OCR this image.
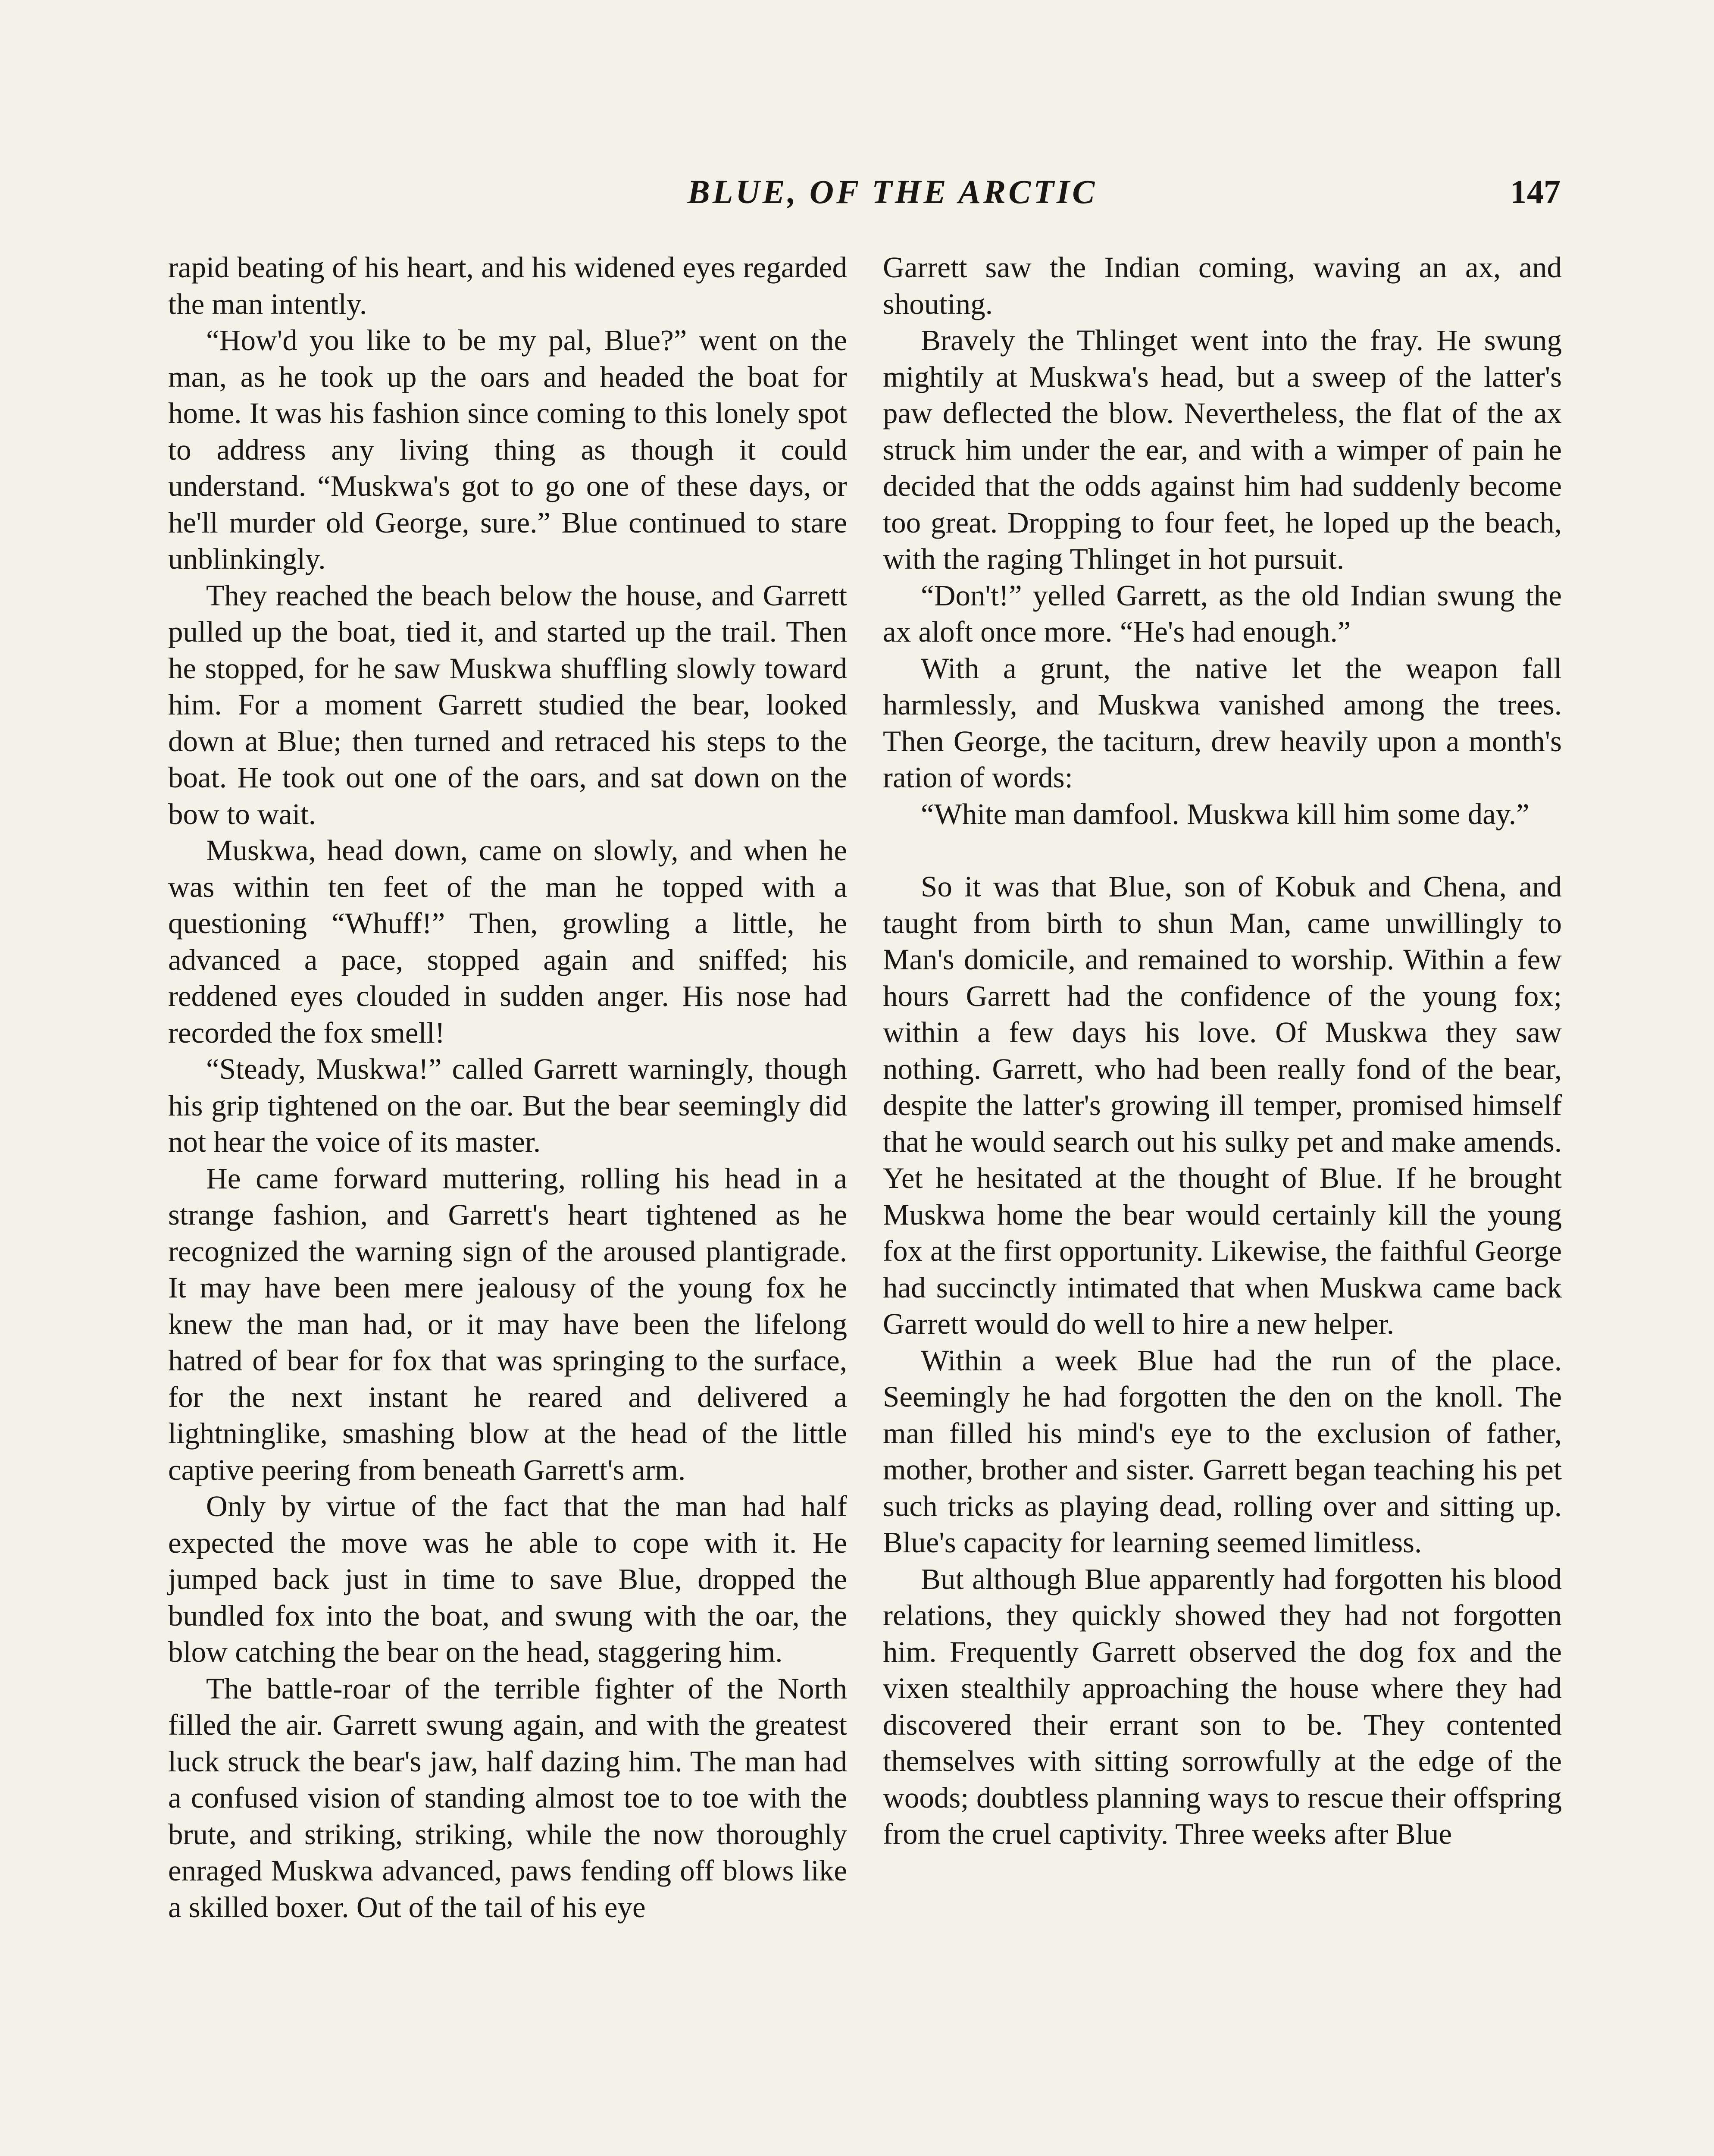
BLUE, OF THE ARCTIC	147

rapid beating of his heart, and his widened eyes regarded the man intently.

“How'd you like to be my pal, Blue?” went on the man, as he took up the oars and headed the boat for home. It was his fashion since coming to this lonely spot to address any living thing as though it could understand. “Muskwa's got to go one of these days, or he'll murder old George, sure.” Blue continued to stare unblinkingly.

They reached the beach below the house, and Garrett pulled up the boat, tied it, and started up the trail. Then he stopped, for he saw Muskwa shuffling slowly toward him. For a moment Garrett studied the bear, looked down at Blue; then turned and retraced his steps to the boat. He took out one of the oars, and sat down on the bow to wait.

Muskwa, head down, came on slowly, and when he was within ten feet of the man he topped with a questioning “Whuff!” Then, growling a little, he advanced a pace, stopped again and sniffed; his reddened eyes clouded in sudden anger. His nose had recorded the fox smell!

“Steady, Muskwa!” called Garrett warningly, though his grip tightened on the oar. But the bear seemingly did not hear the voice of its master.

He came forward muttering, rolling his head in a strange fashion, and Garrett's heart tightened as he recognized the warning sign of the aroused plantigrade. It may have been mere jealousy of the young fox he knew the man had, or it may have been the lifelong hatred of bear for fox that was springing to the surface, for the next instant he reared and delivered a lightninglike, smashing blow at the head of the little captive peering from beneath Garrett's arm.

Only by virtue of the fact that the man had half expected the move was he able to cope with it. He jumped back just in time to save Blue, dropped the bundled fox into the boat, and swung with the oar, the blow catching the bear on the head, staggering him.

The battle-roar of the terrible fighter of the North filled the air. Garrett swung again, and with the greatest luck struck the bear's jaw, half dazing him. The man had a confused vision of standing almost toe to toe with the brute, and striking, striking, while the now thoroughly enraged Muskwa advanced, paws fending off blows like a skilled boxer. Out of the tail of his eye

Garrett saw the Indian coming, waving an ax, and shouting.

Bravely the Thlinget went into the fray. He swung mightily at Muskwa's head, but a sweep of the latter's paw deflected the blow. Nevertheless, the flat of the ax struck him under the ear, and with a wimper of pain he decided that the odds against him had suddenly become too great. Dropping to four feet, he loped up the beach, with the raging Thlinget in hot pursuit.

“Don't!” yelled Garrett, as the old Indian swung the ax aloft once more. “He's had enough.”

With a grunt, the native let the weapon fall harmlessly, and Muskwa vanished among the trees. Then George, the taciturn, drew heavily upon a month's ration of words:

“White man damfool. Muskwa kill him some day.”

So it was that Blue, son of Kobuk and Chena, and taught from birth to shun Man, came unwillingly to Man's domicile, and remained to worship. Within a few hours Garrett had the confidence of the young fox; within a few days his love. Of Muskwa they saw nothing. Garrett, who had been really fond of the bear, despite the latter's growing ill temper, promised himself that he would search out his sulky pet and make amends. Yet he hesitated at the thought of Blue. If he brought Muskwa home the bear would certainly kill the young fox at the first opportunity. Likewise, the faithful George had succinctly intimated that when Muskwa came back Garrett would do well to hire a new helper.

Within a week Blue had the run of the place. Seemingly he had forgotten the den on the knoll. The man filled his mind's eye to the exclusion of father, mother, brother and sister. Garrett began teaching his pet such tricks as playing dead, rolling over and sitting up. Blue's capacity for learning seemed limitless.

But although Blue apparently had forgotten his blood relations, they quickly showed they had not forgotten him. Frequently Garrett observed the dog fox and the vixen stealthily approaching the house where they had discovered their errant son to be. They contented themselves with sitting sorrowfully at the edge of the woods; doubtless planning ways to rescue their offspring from the cruel captivity. Three weeks after Blue
